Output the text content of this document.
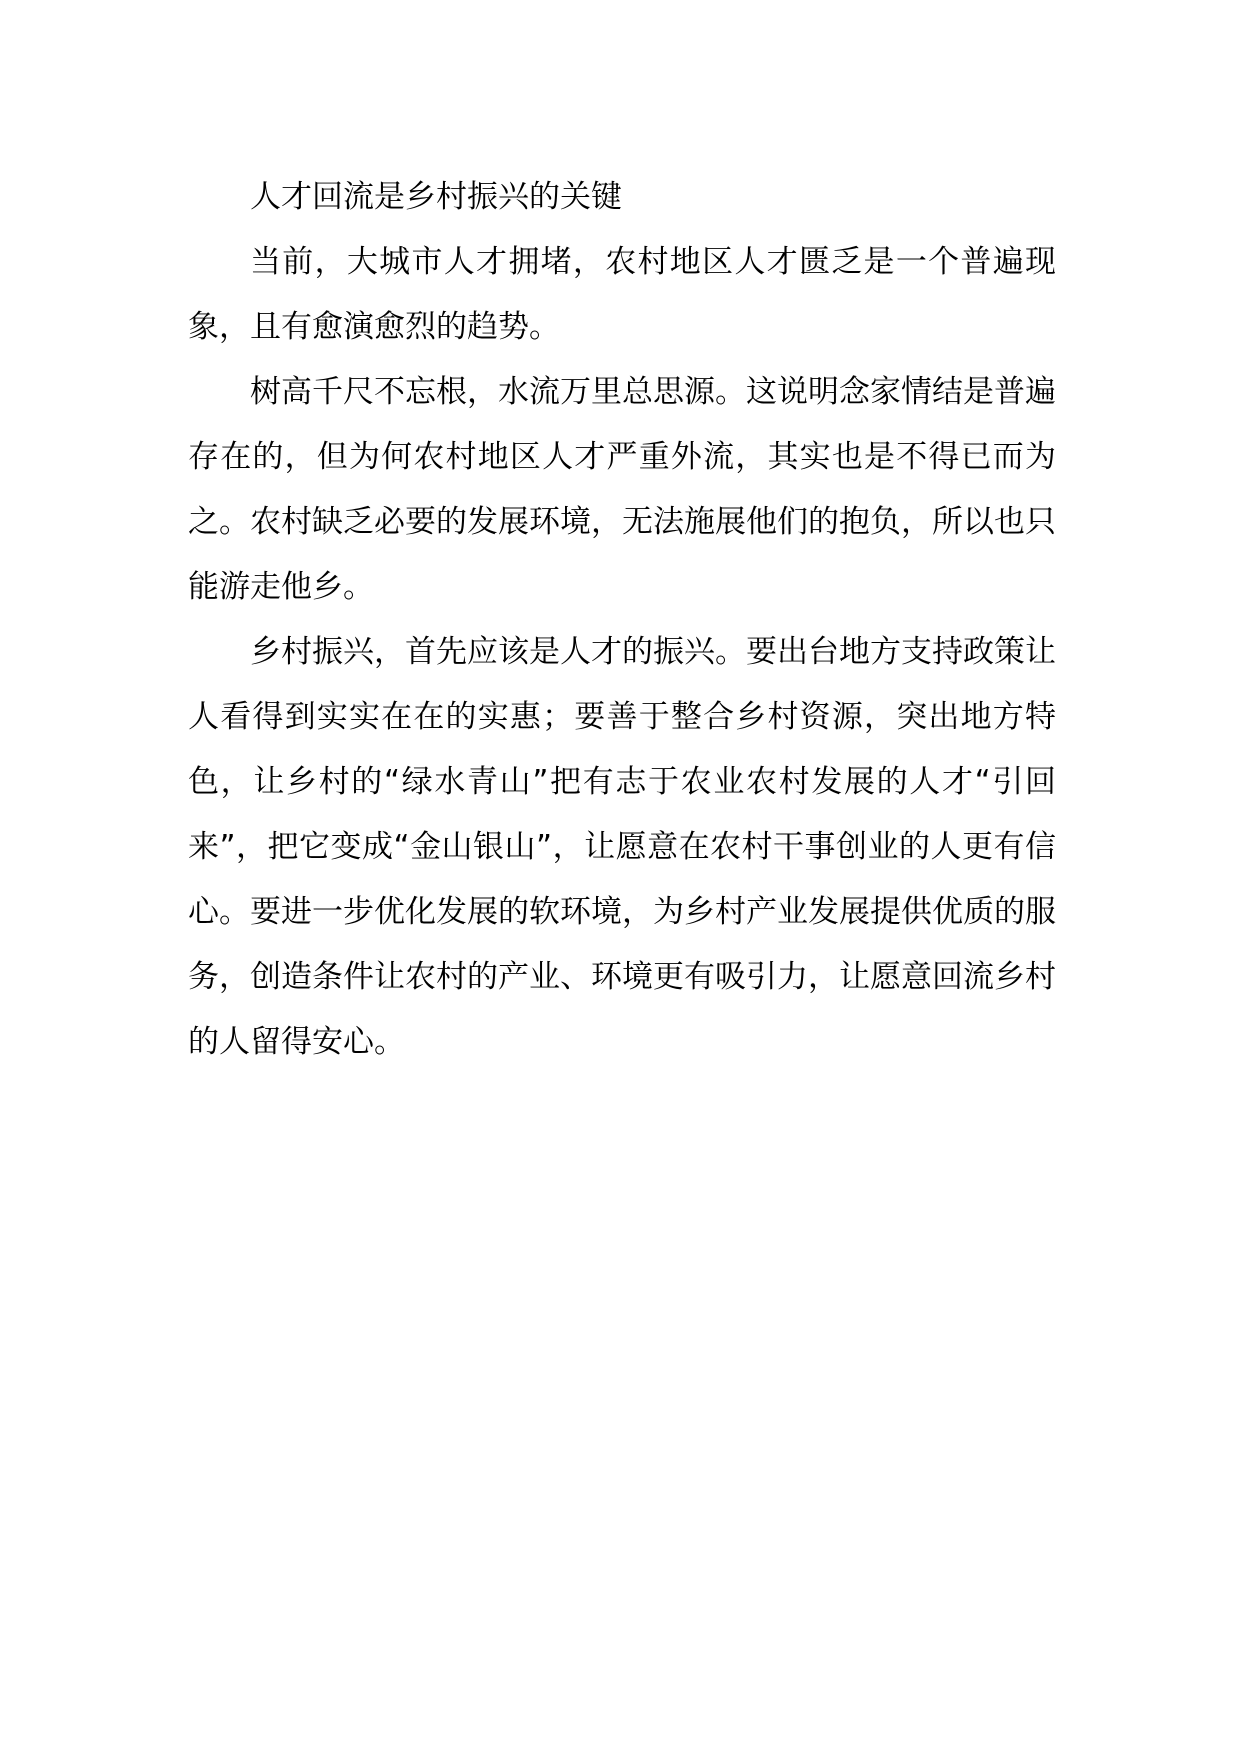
人才回流是乡村振兴的关键

当前，大城市人才拥堵，农村地区人才匮乏是一个普遍现象，且有愈演愈烈的趋势。

树高千尺不忘根，水流万里总思源。这说明念家情结是普遍存在的，但为何农村地区人才严重外流，其实也是不得已而为之。农村缺乏必要的发展环境，无法施展他们的抱负，所以也只能游走他乡。

乡村振兴，首先应该是人才的振兴。要出台地方支持政策让人看得到实实在在的实惠；要善于整合乡村资源，突出地方特色，让乡村的“绿水青山”把有志于农业农村发展的人才“引回来”，把它变成“金山银山”，让愿意在农村干事创业的人更有信心。要进一步优化发展的软环境，为乡村产业发展提供优质的服务，创造条件让农村的产业、环境更有吸引力，让愿意回流乡村的人留得安心。
